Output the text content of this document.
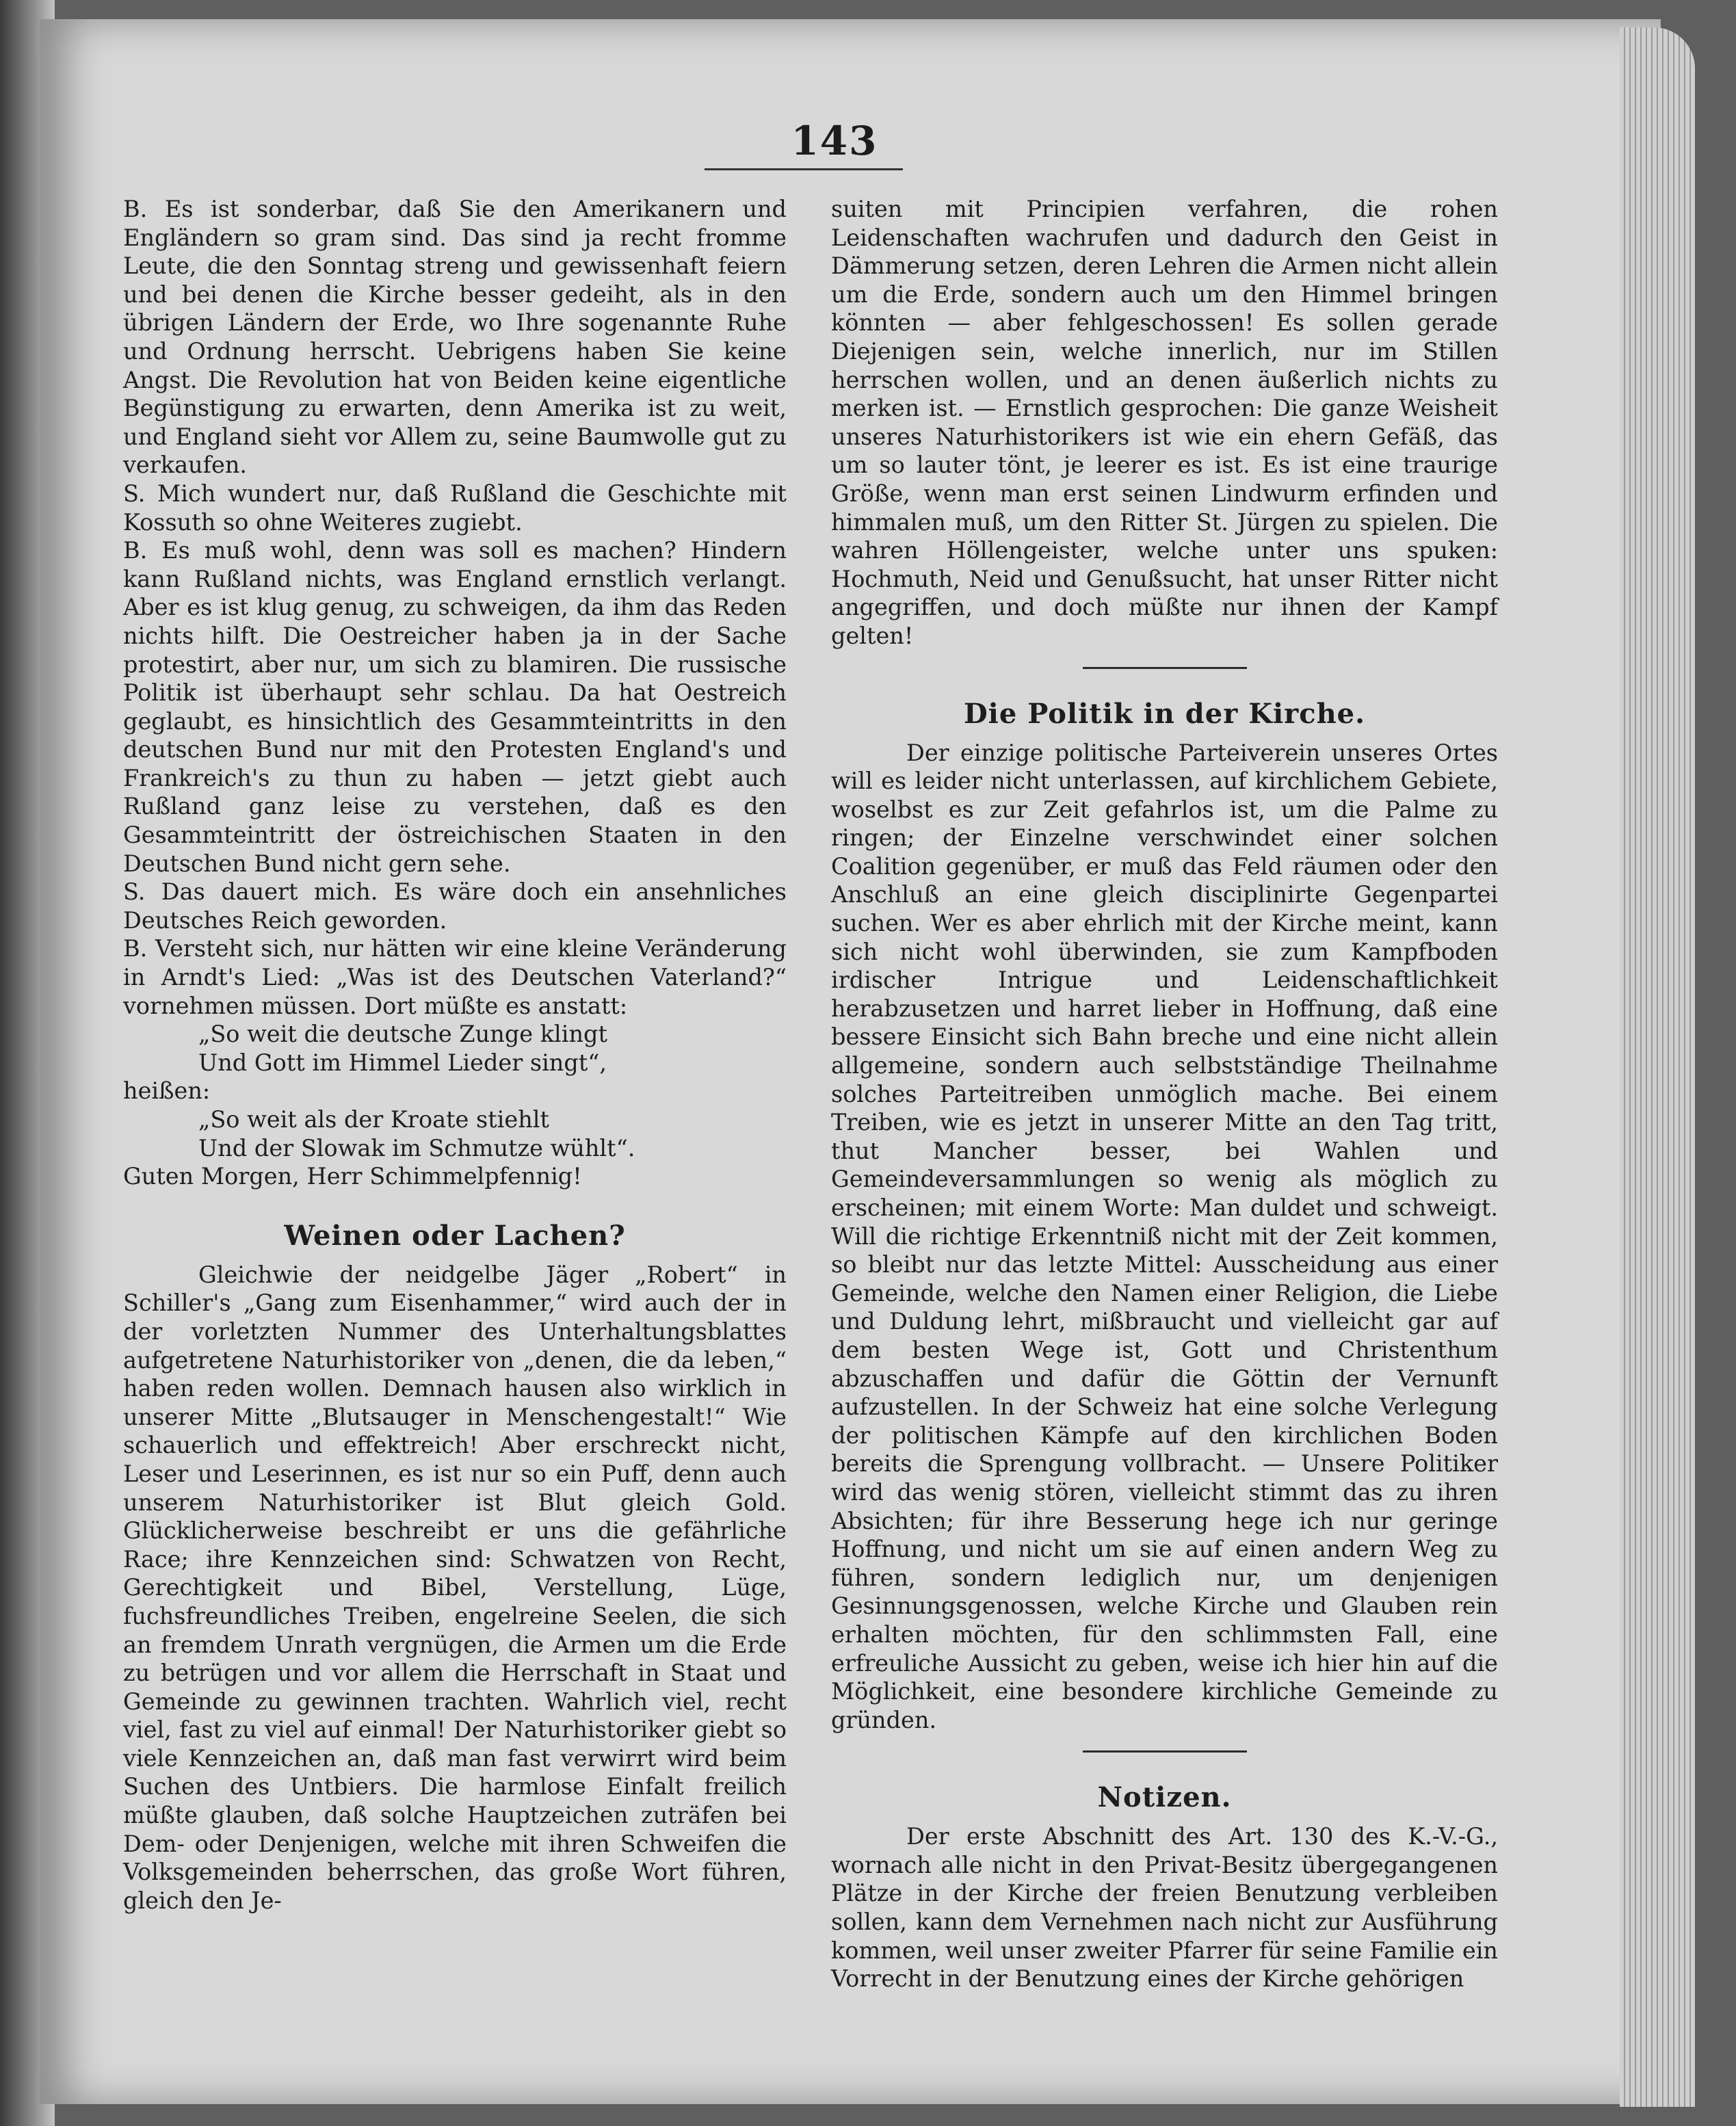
143

B. Es ist sonderbar, daß Sie den Amerikanern und Engländern so gram sind. Das sind ja recht fromme Leute, die den Sonntag streng und gewissenhaft feiern und bei denen die Kirche besser gedeiht, als in den übrigen Ländern der Erde, wo Ihre sogenannte Ruhe und Ordnung herrscht. Uebrigens haben Sie keine Angst. Die Revolution hat von Beiden keine eigentliche Begünstigung zu erwarten, denn Amerika ist zu weit, und England sieht vor Allem zu, seine Baumwolle gut zu verkaufen.

S. Mich wundert nur, daß Rußland die Geschichte mit Kossuth so ohne Weiteres zugiebt.

B. Es muß wohl, denn was soll es machen? Hindern kann Rußland nichts, was England ernstlich verlangt. Aber es ist klug genug, zu schweigen, da ihm das Reden nichts hilft. Die Oestreicher haben ja in der Sache protestirt, aber nur, um sich zu blamiren. Die russische Politik ist überhaupt sehr schlau. Da hat Oestreich geglaubt, es hinsichtlich des Gesammteintritts in den deutschen Bund nur mit den Protesten England's und Frankreich's zu thun zu haben — jetzt giebt auch Rußland ganz leise zu verstehen, daß es den Gesammteintritt der östreichischen Staaten in den Deutschen Bund nicht gern sehe.

S. Das dauert mich. Es wäre doch ein ansehnliches Deutsches Reich geworden.

B. Versteht sich, nur hätten wir eine kleine Veränderung in Arndt's Lied: „Was ist des Deutschen Vaterland?“ vornehmen müssen. Dort müßte es anstatt:

„So weit die deutsche Zunge klingt

Und Gott im Himmel Lieder singt“,

heißen:

„So weit als der Kroate stiehlt

Und der Slowak im Schmutze wühlt“.

Guten Morgen, Herr Schimmelpfennig!

Weinen oder Lachen?

Gleichwie der neidgelbe Jäger „Robert“ in Schiller's „Gang zum Eisenhammer,“ wird auch der in der vorletzten Nummer des Unterhaltungsblattes aufgetretene Naturhistoriker von „denen, die da leben,“ haben reden wollen. Demnach hausen also wirklich in unserer Mitte „Blutsauger in Menschengestalt!“ Wie schauerlich und effektreich! Aber erschreckt nicht, Leser und Leserinnen, es ist nur so ein Puff, denn auch unserem Naturhistoriker ist Blut gleich Gold. Glücklicherweise beschreibt er uns die gefährliche Race; ihre Kennzeichen sind: Schwatzen von Recht, Gerechtigkeit und Bibel, Verstellung, Lüge, fuchsfreundliches Treiben, engelreine Seelen, die sich an fremdem Unrath vergnügen, die Armen um die Erde zu betrügen und vor allem die Herrschaft in Staat und Gemeinde zu gewinnen trachten. Wahrlich viel, recht viel, fast zu viel auf einmal! Der Naturhistoriker giebt so viele Kennzeichen an, daß man fast verwirrt wird beim Suchen des Untbiers. Die harmlose Einfalt freilich müßte glauben, daß solche Hauptzeichen zuträfen bei Dem- oder Denjenigen, welche mit ihren Schweifen die Volksgemeinden beherrschen, das große Wort führen, gleich den Je-

suiten mit Principien verfahren, die rohen Leidenschaften wachrufen und dadurch den Geist in Dämmerung setzen, deren Lehren die Armen nicht allein um die Erde, sondern auch um den Himmel bringen könnten — aber fehlgeschossen! Es sollen gerade Diejenigen sein, welche innerlich, nur im Stillen herrschen wollen, und an denen äußerlich nichts zu merken ist. — Ernstlich gesprochen: Die ganze Weisheit unseres Naturhistorikers ist wie ein ehern Gefäß, das um so lauter tönt, je leerer es ist. Es ist eine traurige Größe, wenn man erst seinen Lindwurm erfinden und himmalen muß, um den Ritter St. Jürgen zu spielen. Die wahren Höllengeister, welche unter uns spuken: Hochmuth, Neid und Genußsucht, hat unser Ritter nicht angegriffen, und doch müßte nur ihnen der Kampf gelten!

Die Politik in der Kirche.

Der einzige politische Parteiverein unseres Ortes will es leider nicht unterlassen, auf kirchlichem Gebiete, woselbst es zur Zeit gefahrlos ist, um die Palme zu ringen; der Einzelne verschwindet einer solchen Coalition gegenüber, er muß das Feld räumen oder den Anschluß an eine gleich disciplinirte Gegenpartei suchen. Wer es aber ehrlich mit der Kirche meint, kann sich nicht wohl überwinden, sie zum Kampfboden irdischer Intrigue und Leidenschaftlichkeit herabzusetzen und harret lieber in Hoffnung, daß eine bessere Einsicht sich Bahn breche und eine nicht allein allgemeine, sondern auch selbstständige Theilnahme solches Parteitreiben unmöglich mache. Bei einem Treiben, wie es jetzt in unserer Mitte an den Tag tritt, thut Mancher besser, bei Wahlen und Gemeindeversammlungen so wenig als möglich zu erscheinen; mit einem Worte: Man duldet und schweigt. Will die richtige Erkenntniß nicht mit der Zeit kommen, so bleibt nur das letzte Mittel: Ausscheidung aus einer Gemeinde, welche den Namen einer Religion, die Liebe und Duldung lehrt, mißbraucht und vielleicht gar auf dem besten Wege ist, Gott und Christenthum abzuschaffen und dafür die Göttin der Vernunft aufzustellen. In der Schweiz hat eine solche Verlegung der politischen Kämpfe auf den kirchlichen Boden bereits die Sprengung vollbracht. — Unsere Politiker wird das wenig stören, vielleicht stimmt das zu ihren Absichten; für ihre Besserung hege ich nur geringe Hoffnung, und nicht um sie auf einen andern Weg zu führen, sondern lediglich nur, um denjenigen Gesinnungsgenossen, welche Kirche und Glauben rein erhalten möchten, für den schlimmsten Fall, eine erfreuliche Aussicht zu geben, weise ich hier hin auf die Möglichkeit, eine besondere kirchliche Gemeinde zu gründen.

Notizen.

Der erste Abschnitt des Art. 130 des K.-V.-G., wornach alle nicht in den Privat-Besitz übergegangenen Plätze in der Kirche der freien Benutzung verbleiben sollen, kann dem Vernehmen nach nicht zur Ausführung kommen, weil unser zweiter Pfarrer für seine Familie ein Vorrecht in der Benutzung eines der Kirche gehörigen
